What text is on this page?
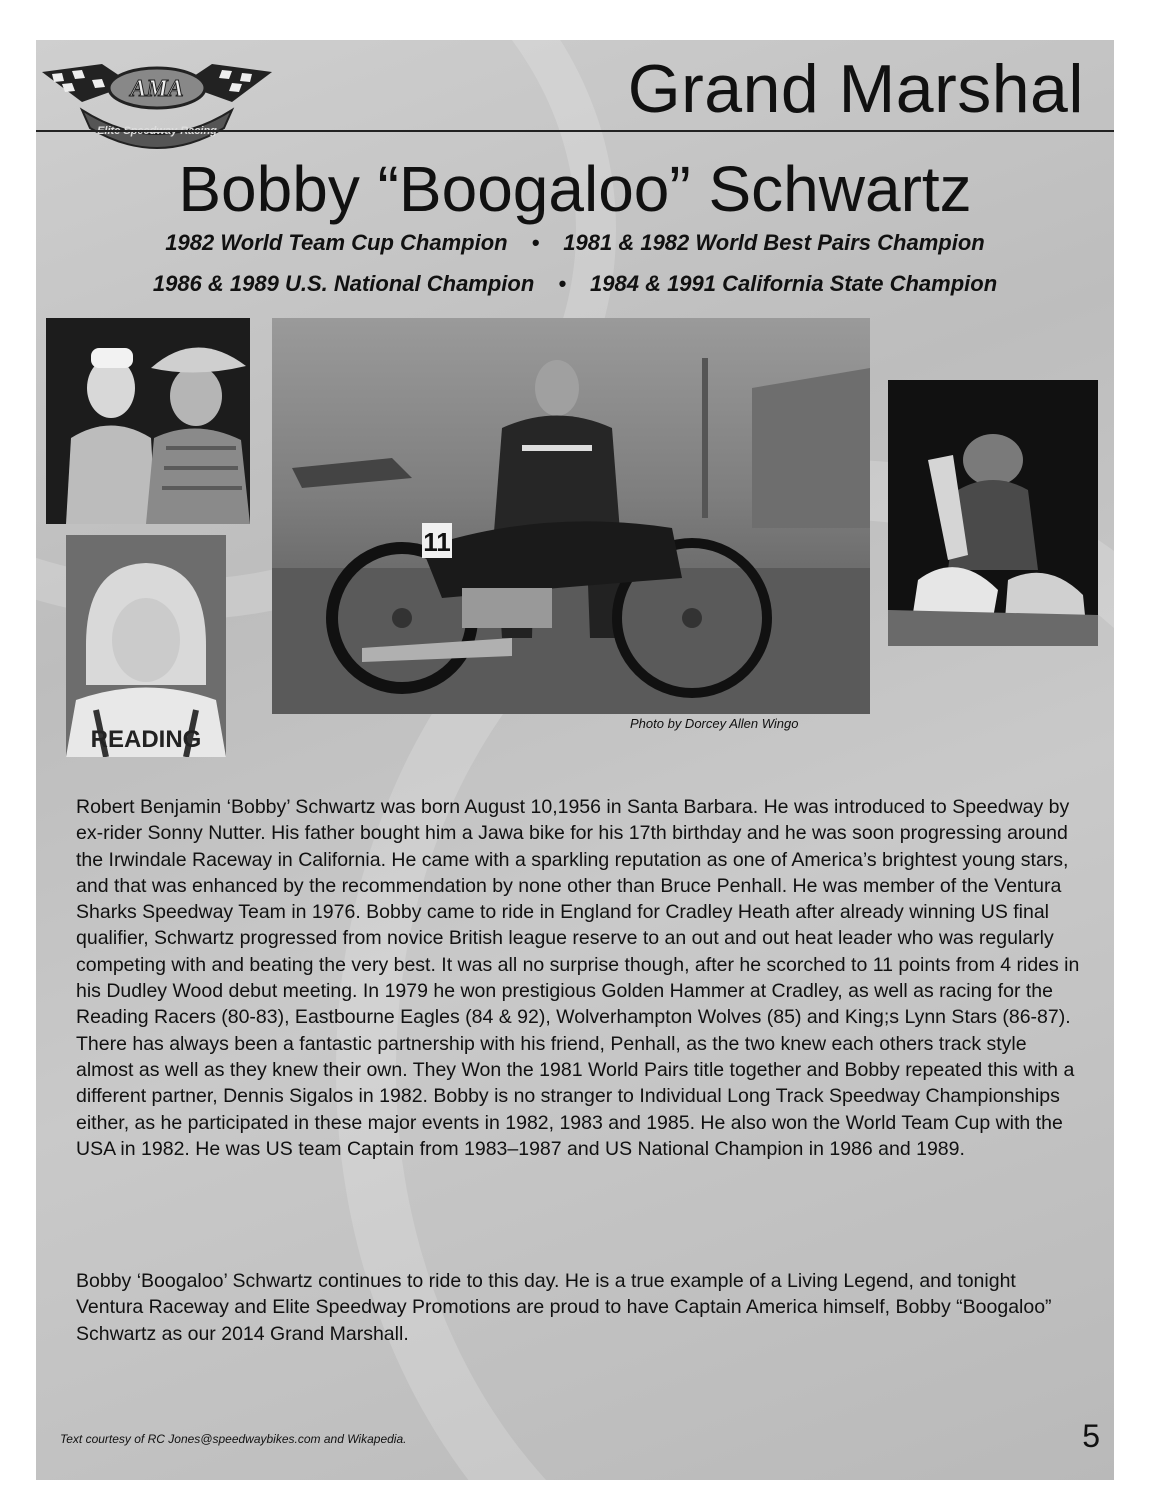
AMA	Grand Marshal
Bobby “Boogaloo” Schwartz
1982 World Team Cup Champion • 1981 & 1982 World Best Pairs Champion
1986 & 1989 U.S. National Champion • 1984 & 1991 California State Champion
READING
11
Photo by Dorcey Allen Wingo

Robert Benjamin ‘Bobby’ Schwartz was born August 10,1956 in Santa Barbara. He was introduced to Speedway by ex-rider Sonny Nutter. His father bought him a Jawa bike for his 17th birthday and he was soon progressing around the Irwindale Raceway in California. He came with a sparkling reputation as one of America’s brightest young stars, and that was enhanced by the recommendation by none other than Bruce Penhall. He was member of the Ventura Sharks Speedway Team in 1976. Bobby came to ride in England for Cradley Heath after already winning US final qualifier, Schwartz progressed from novice British league reserve to an out and out heat leader who was regularly competing with and beating the very best. It was all no surprise though, after he scorched to 11 points from 4 rides in his Dudley Wood debut meeting. In 1979 he won prestigious Golden Hammer at Cradley, as well as racing for the Reading Racers (80-83), Eastbourne Eagles (84 & 92), Wolverhampton Wolves (85) and King;s Lynn Stars (86-87). There has always been a fantastic partnership with his friend, Penhall, as the two knew each others track style almost as well as they knew their own. They Won the 1981 World Pairs title together and Bobby repeated this with a different partner, Dennis Sigalos in 1982. Bobby is no stranger to Individual Long Track Speedway Championships either, as he participated in these major events in 1982, 1983 and 1985. He also won the World Team Cup with the USA in 1982. He was US team Captain from 1983–1987 and US National Champion in 1986 and 1989.

Bobby ‘Boogaloo’ Schwartz continues to ride to this day. He is a true example of a Living Legend, and tonight Ventura Raceway and Elite Speedway Promotions are proud to have Captain America himself, Bobby “Boogaloo” Schwartz as our 2014 Grand Marshall.

Text courtesy of RC Jones@speedwaybikes.com and Wikapedia.	5
